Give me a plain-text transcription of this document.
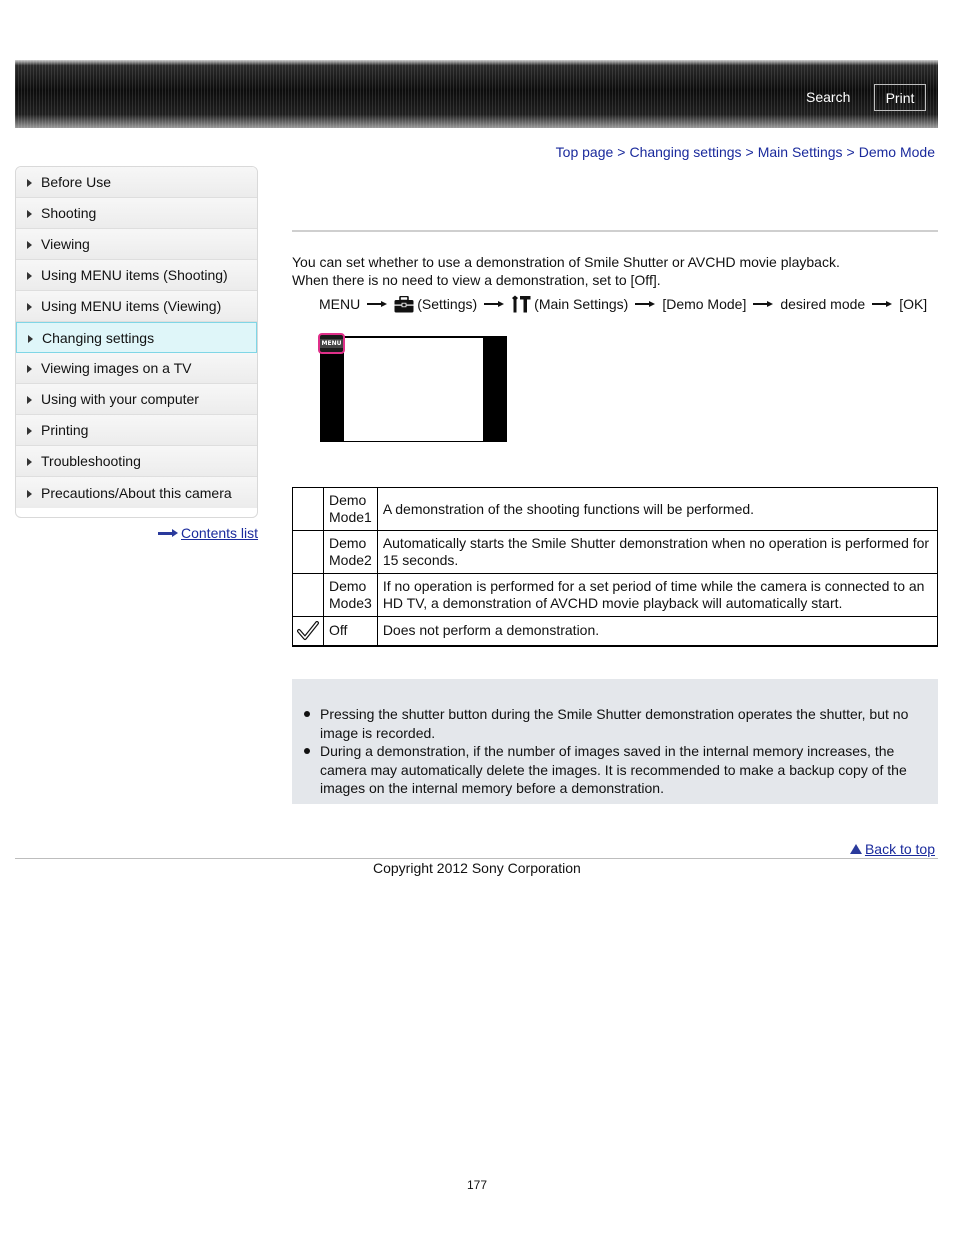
Search	Print
Top page > Changing settings > Main Settings > Demo Mode
Before Use
Shooting
Viewing
Using MENU items (Shooting)
Using MENU items (Viewing)
Changing settings
Viewing images on a TV
Using with your computer
Printing
Troubleshooting
Precautions/About this camera
Contents list
You can set whether to use a demonstration of Smile Shutter or AVCHD movie playback.
When there is no need to view a demonstration, set to [Off].
MENU	(Settings)	(Main Settings) [Demo Mode] desired mode [OK]
MENU
	Demo Mode1	A demonstration of the shooting functions will be performed.
	Demo Mode2	Automatically starts the Smile Shutter demonstration when no operation is performed for 15 seconds.
	Demo Mode3	If no operation is performed for a set period of time while the camera is connected to an HD TV, a demonstration of AVCHD movie playback will automatically start.

	Off	Does not perform a demonstration.
Pressing the shutter button during the Smile Shutter demonstration operates the shutter, but no image is recorded.
During a demonstration, if the number of images saved in the internal memory increases, the camera may automatically delete the images. It is recommended to make a backup copy of the images on the internal memory before a demonstration.
Back to top
Copyright 2012 Sony Corporation
177
